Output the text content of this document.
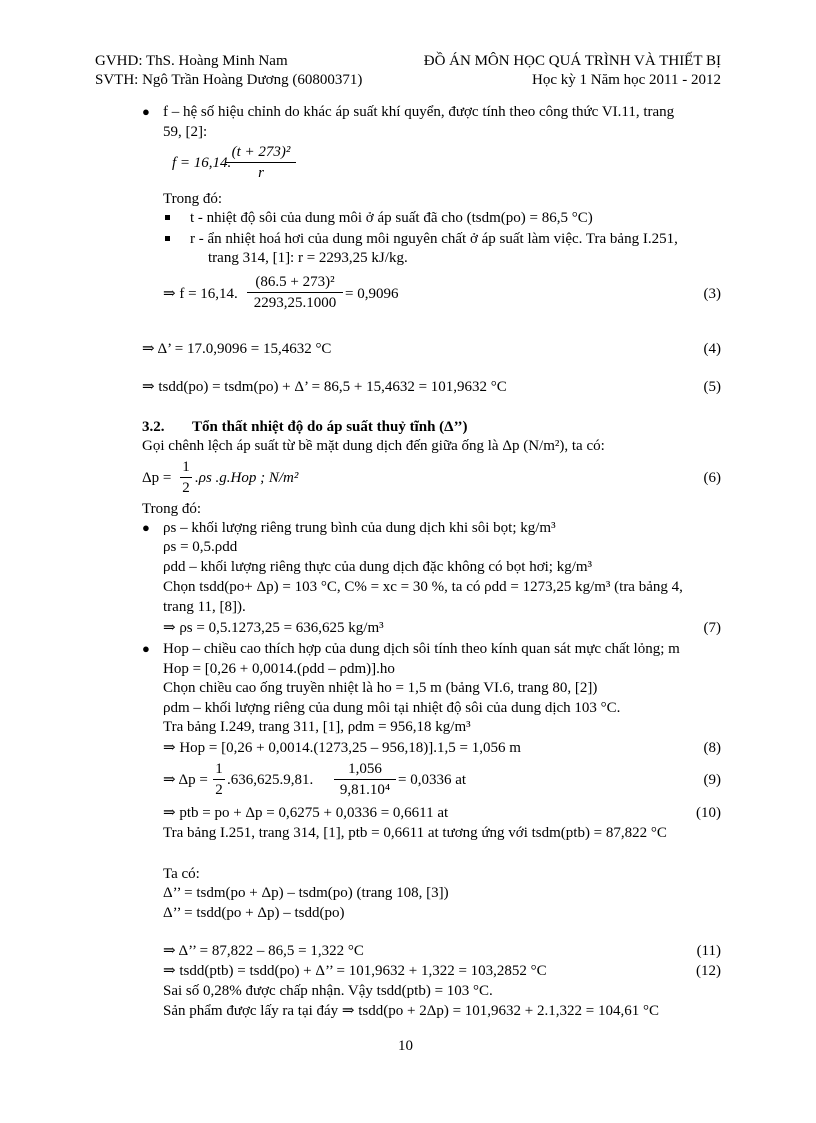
GVHD: ThS. Hoàng Minh Nam
SVTH: Ngô Trần Hoàng Dương (60800371)
ĐỒ ÁN MÔN HỌC QUÁ TRÌNH VÀ THIẾT BỊ
Học kỳ 1 Năm học 2011 - 2012
● f – hệ số hiệu chỉnh do khác áp suất khí quyển, được tính theo công thức VI.11, trang
59, [2]:
f = 16,14.
(t + 273)²
r
Trong đó:
t - nhiệt độ sôi của dung môi ở áp suất đã cho (tsdm(po) = 86,5 °C)
r - ẩn nhiệt hoá hơi của dung môi nguyên chất ở áp suất làm việc. Tra bảng I.251,
trang 314, [1]: r = 2293,25 kJ/kg.
⇒ f = 16,14.
(86.5 + 273)²
2293,25.1000
= 0,9096	(3)
⇒ Δ’ = 17.0,9096 = 15,4632 °C	(4)
⇒ tsdd(po) = tsdm(po) + Δ’ = 86,5 + 15,4632 = 101,9632 °C	(5)
3.2. Tổn thất nhiệt độ do áp suất thuỷ tĩnh (Δ’’)
Gọi chênh lệch áp suất từ bề mặt dung dịch đến giữa ống là Δp (N/m²), ta có:
Δp =
1
2
.ρs .g.Hop ; N/m²	(6)
Trong đó:
● ρs – khối lượng riêng trung bình của dung dịch khi sôi bọt; kg/m³
ρs = 0,5.ρdd
ρdd – khối lượng riêng thực của dung dịch đặc không có bọt hơi; kg/m³
Chọn tsdd(po+ Δp) = 103 °C, C% = xc = 30 %, ta có ρdd = 1273,25 kg/m³ (tra bảng 4,
trang 11, [8]).
⇒ ρs = 0,5.1273,25 = 636,625 kg/m³	(7)
● Hop – chiều cao thích hợp của dung dịch sôi tính theo kính quan sát mực chất lỏng; m
Hop = [0,26 + 0,0014.(ρdd – ρdm)].ho
Chọn chiều cao ống truyền nhiệt là ho = 1,5 m (bảng VI.6, trang 80, [2])
ρdm – khối lượng riêng của dung môi tại nhiệt độ sôi của dung dịch 103 °C.
Tra bảng I.249, trang 311, [1], ρdm = 956,18 kg/m³
⇒ Hop = [0,26 + 0,0014.(1273,25 – 956,18)].1,5 = 1,056 m	(8)
⇒ Δp =
1
2
.636,625.9,81.
1,056
9,81.10⁴
= 0,0336 at	(9)
⇒ ptb = po + Δp = 0,6275 + 0,0336 = 0,6611 at	(10)
Tra bảng I.251, trang 314, [1], ptb = 0,6611 at tương ứng với tsdm(ptb) = 87,822 °C
Ta có:
Δ’’ = tsdm(po + Δp) – tsdm(po) (trang 108, [3])
Δ’’ = tsdd(po + Δp) – tsdd(po)
⇒ Δ’’ = 87,822 – 86,5 = 1,322 °C	(11)
⇒ tsdd(ptb) = tsdd(po) + Δ’’ = 101,9632 + 1,322 = 103,2852 °C	(12)
Sai số 0,28% được chấp nhận. Vậy tsdd(ptb) = 103 °C.
Sản phẩm được lấy ra tại đáy ⇒ tsdd(po + 2Δp) = 101,9632 + 2.1,322 = 104,61 °C
10
